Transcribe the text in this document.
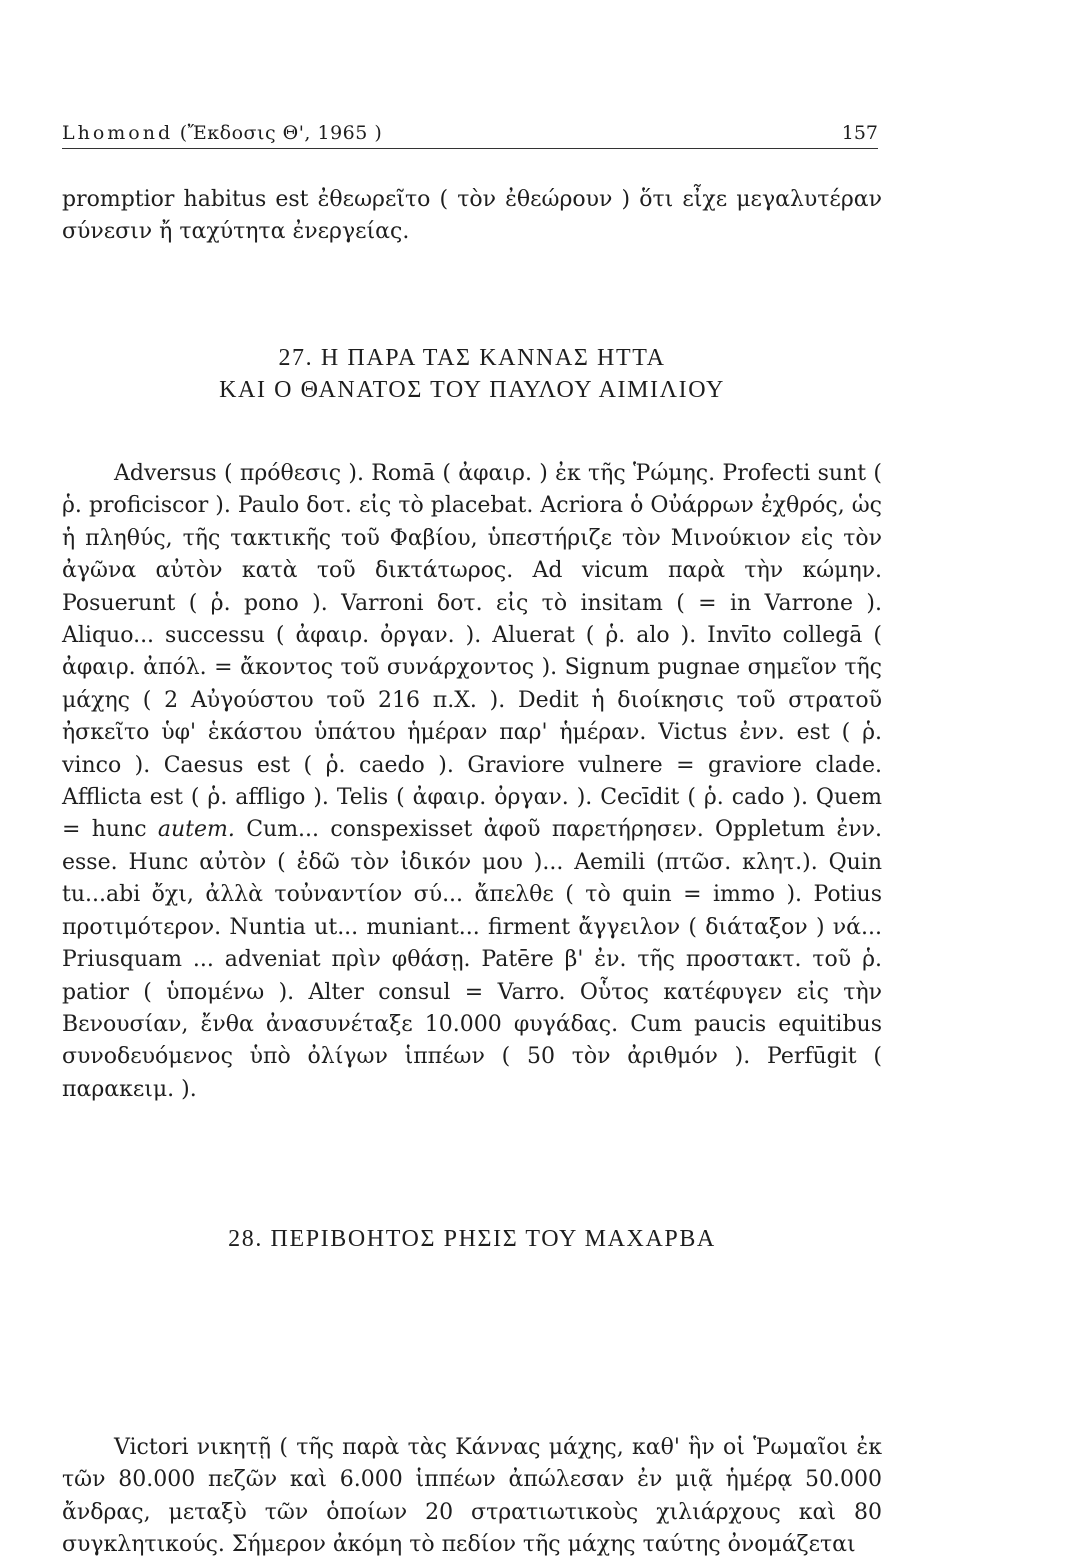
Lhomond (Ἔκδοσις Θ', 1965 )	157

promptior habitus est ἐθεωρεῖτο ( τὸν ἐθεώρουν ) ὅτι εἶχε μεγαλυτέραν σύνεσιν ἤ ταχύτητα ἐνεργείας.

27. Η ΠΑΡΑ ΤΑΣ ΚΑΝΝΑΣ ΗΤΤΑ
ΚΑΙ Ο ΘΑΝΑΤΟΣ ΤΟΥ ΠΑΥΛΟΥ ΑΙΜΙΛΙΟΥ

Adversus ( πρόθεσις ). Romā ( ἀφαιρ. ) ἐκ τῆς Ῥώμης. Profecti sunt ( ῥ. proficiscor ). Paulo δοτ. εἰς τὸ placebat. Acriora ὁ Οὐάρρων ἐχθρός, ὡς ἡ πληθύς, τῆς τακτικῆς τοῦ Φαβίου, ὑπεστήριζε τὸν Μινούκιον εἰς τὸν ἀγῶνα αὐτὸν κατὰ τοῦ δικτάτωρος. Ad vicum παρὰ τὴν κώμην. Posuerunt ( ῥ. pono ). Varroni δοτ. εἰς τὸ insitam ( = in Varrone ). Aliquo... successu ( ἀφαιρ. ὀργαν. ). Aluerat ( ῥ. alo ). Invīto collegā ( ἀφαιρ. ἀπόλ. = ἄκοντος τοῦ συνάρχοντος ). Signum pugnae σημεῖον τῆς μάχης ( 2 Αὐγούστου τοῦ 216 π.Χ. ). Dedit ἡ διοίκησις τοῦ στρατοῦ ἠσκεῖτο ὑφ' ἑκάστου ὑπάτου ἡμέραν παρ' ἡμέραν. Victus ἐνν. est ( ῥ. vinco ). Caesus est ( ῥ. caedo ). Graviore vulnere = graviore clade. Afflicta est ( ῥ. affligo ). Telis ( ἀφαιρ. ὀργαν. ). Cecīdit ( ῥ. cado ). Quem = hunc autem. Cum... conspexisset ἀφοῦ παρετήρησεν. Oppletum ἐνν. esse. Hunc αὐτὸν ( ἐδῶ τὸν ἰδικόν μου )... Aemili (πτῶσ. κλητ.). Quin tu...abi ὄχι, ἀλλὰ τοὐναντίον σύ... ἄπελθε ( τὸ quin = immo ). Potius προτιμότερον. Nuntia ut... muniant... firment ἄγγειλον ( διάταξον ) νά... Priusquam ... adveniat πρὶν φθάσῃ. Patēre β' ἐν. τῆς προστακτ. τοῦ ῥ. patior ( ὑπομένω ). Alter consul = Varro. Οὗτος κατέφυγεν εἰς τὴν Βενουσίαν, ἔνθα ἀνασυνέταξε 10.000 φυγάδας. Cum paucis equitibus συνοδευόμενος ὑπὸ ὀλίγων ἱππέων ( 50 τὸν ἀριθμόν ). Perfūgit ( παρακειμ. ).

28. ΠΕΡΙΒΟΗΤΟΣ ΡΗΣΙΣ ΤΟΥ ΜΑΧΑΡΒΑ

Victori νικητῇ ( τῆς παρὰ τὰς Κάννας μάχης, καθ' ἣν οἱ Ῥωμαῖοι ἐκ τῶν 80.000 πεζῶν καὶ 6.000 ἱππέων ἀπώλεσαν ἐν μιᾷ ἡμέρᾳ 50.000 ἄνδρας, μεταξὺ τῶν ὁποίων 20 στρατιωτικοὺς χιλιάρχους καὶ 80 συγκλητικούς. Σήμερον ἀκόμη τὸ πεδίον τῆς μάχης ταύτης ὀνομάζεται
